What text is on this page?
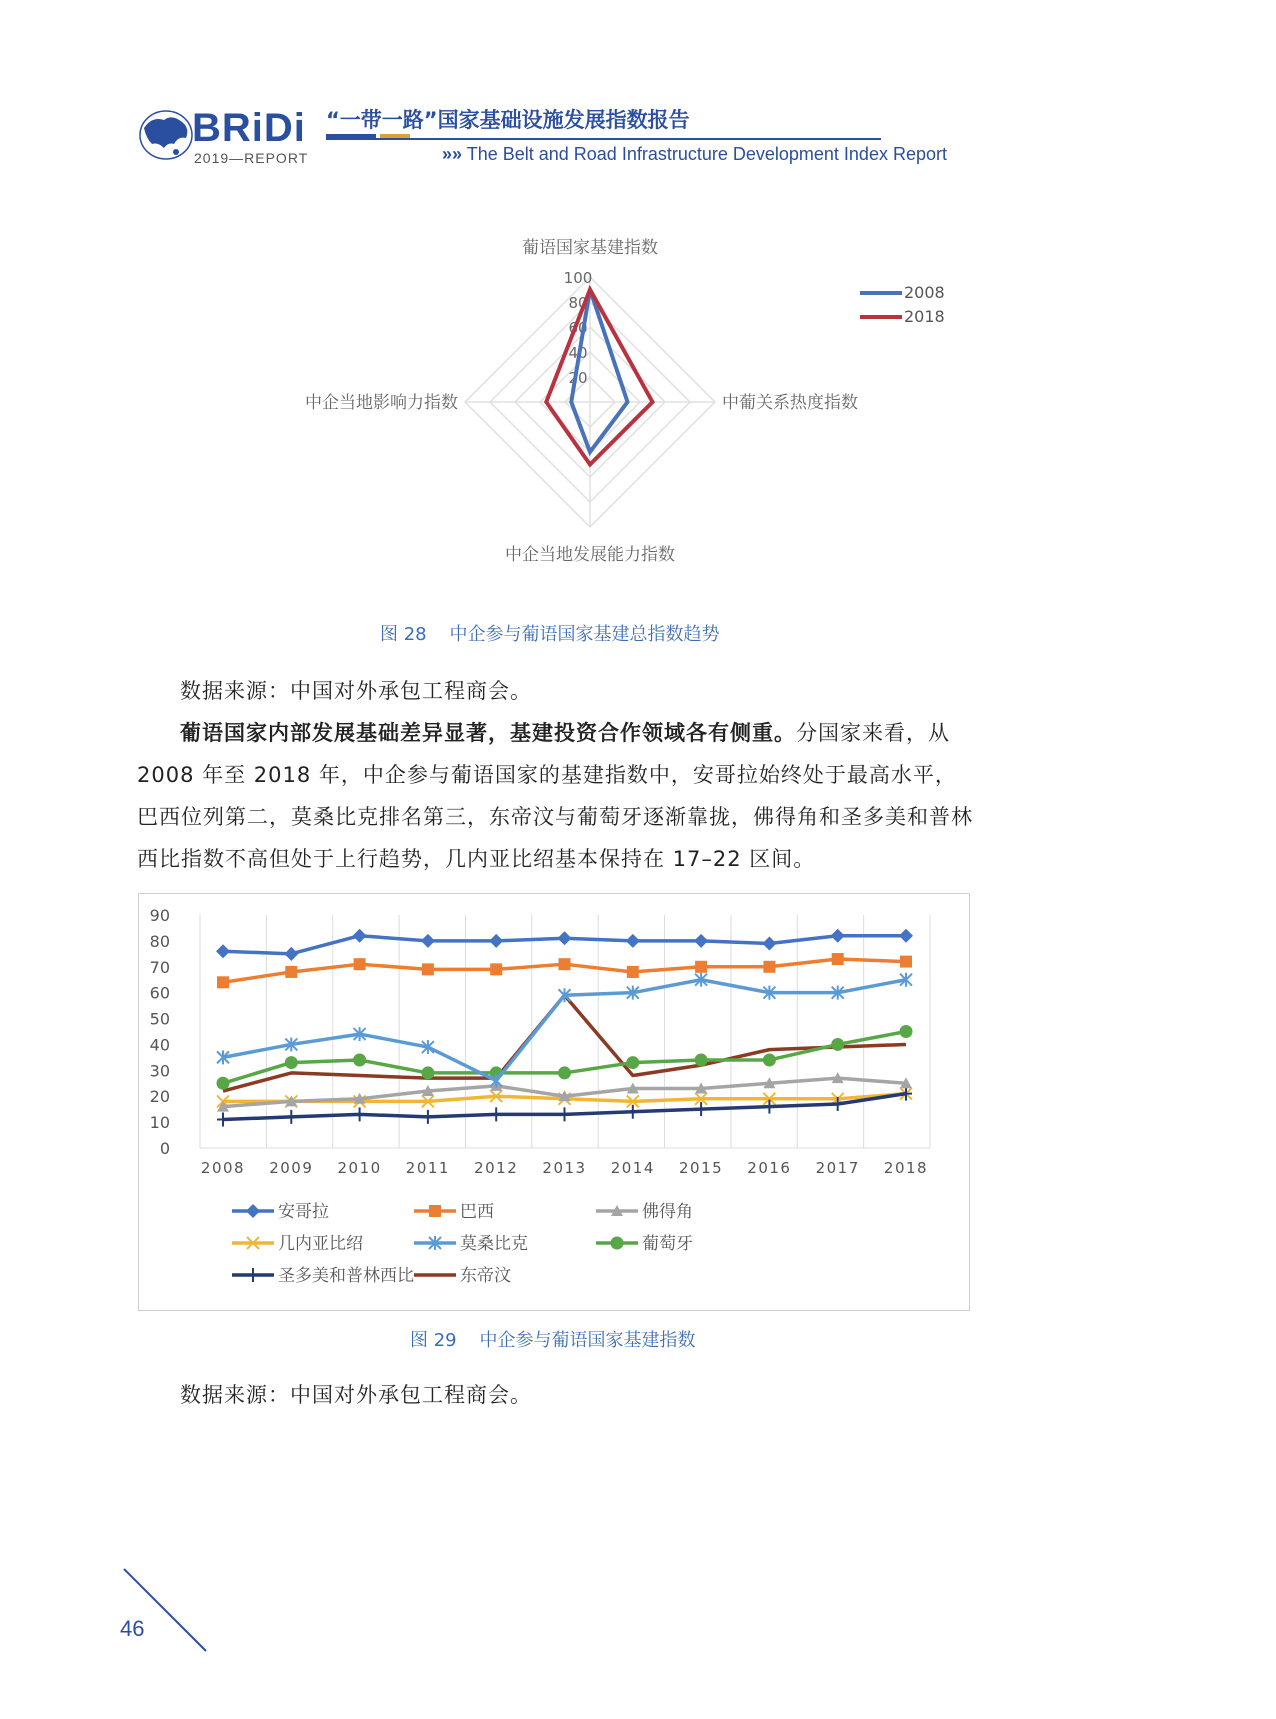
BRiDi
2019—REPORT
“一带一路”国家基础设施发展指数报告
»» The Belt and Road Infrastructure Development Index Report
20
40
60
80
100
葡语国家基建指数
中葡关系热度指数
中企当地发展能力指数
中企当地影响力指数
2008
2018
图 28    中企参与葡语国家基建总指数趋势
数据来源：中国对外承包工程商会。
葡语国家内部发展基础差异显著，基建投资合作领域各有侧重。分国家来看，从 2008 年至 2018 年，中企参与葡语国家的基建指数中，安哥拉始终处于最高水平，巴西位列第二，莫桑比克排名第三，东帝汶与葡萄牙逐渐靠拢，佛得角和圣多美和普林西比指数不高但处于上行趋势，几内亚比绍基本保持在 17–22 区间。
0
10
20
30
40
50
60
70
80
90
2008 2009 2010 2011 2012 2013 2014 2015 2016 2017 2018
安哥拉	巴西	佛得角
几内亚比绍	莫桑比克	葡萄牙
圣多美和普林西比	东帝汶
图 29    中企参与葡语国家基建指数
数据来源：中国对外承包工程商会。
46
